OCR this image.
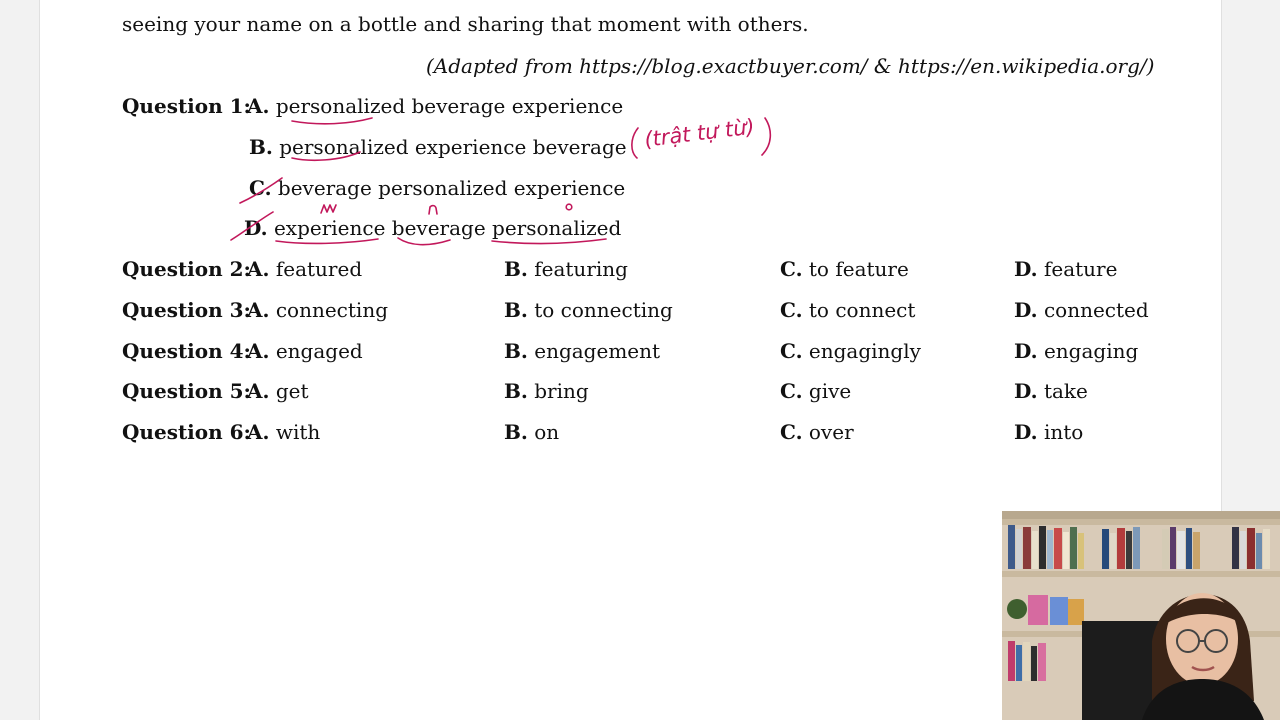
seeing your name on a bottle and sharing that moment with others.
(Adapted from https://blog.exactbuyer.com/ & https://en.wikipedia.org/)
Question 1:
A. personalized beverage experience
B. personalized experience beverage
C. beverage personalized experience
D. experience beverage personalized
Question 2:
A. featured	B. featuring	C. to feature	D. feature
Question 3:
A. connecting	B. to connecting	C. to connect	D. connected
Question 4:
A. engaged	B. engagement	C. engagingly	D. engaging
Question 5:
A. get	B. bring	C. give	D. take
Question 6:
A. with	B. on	C. over	D. into
(trật tự từ)
